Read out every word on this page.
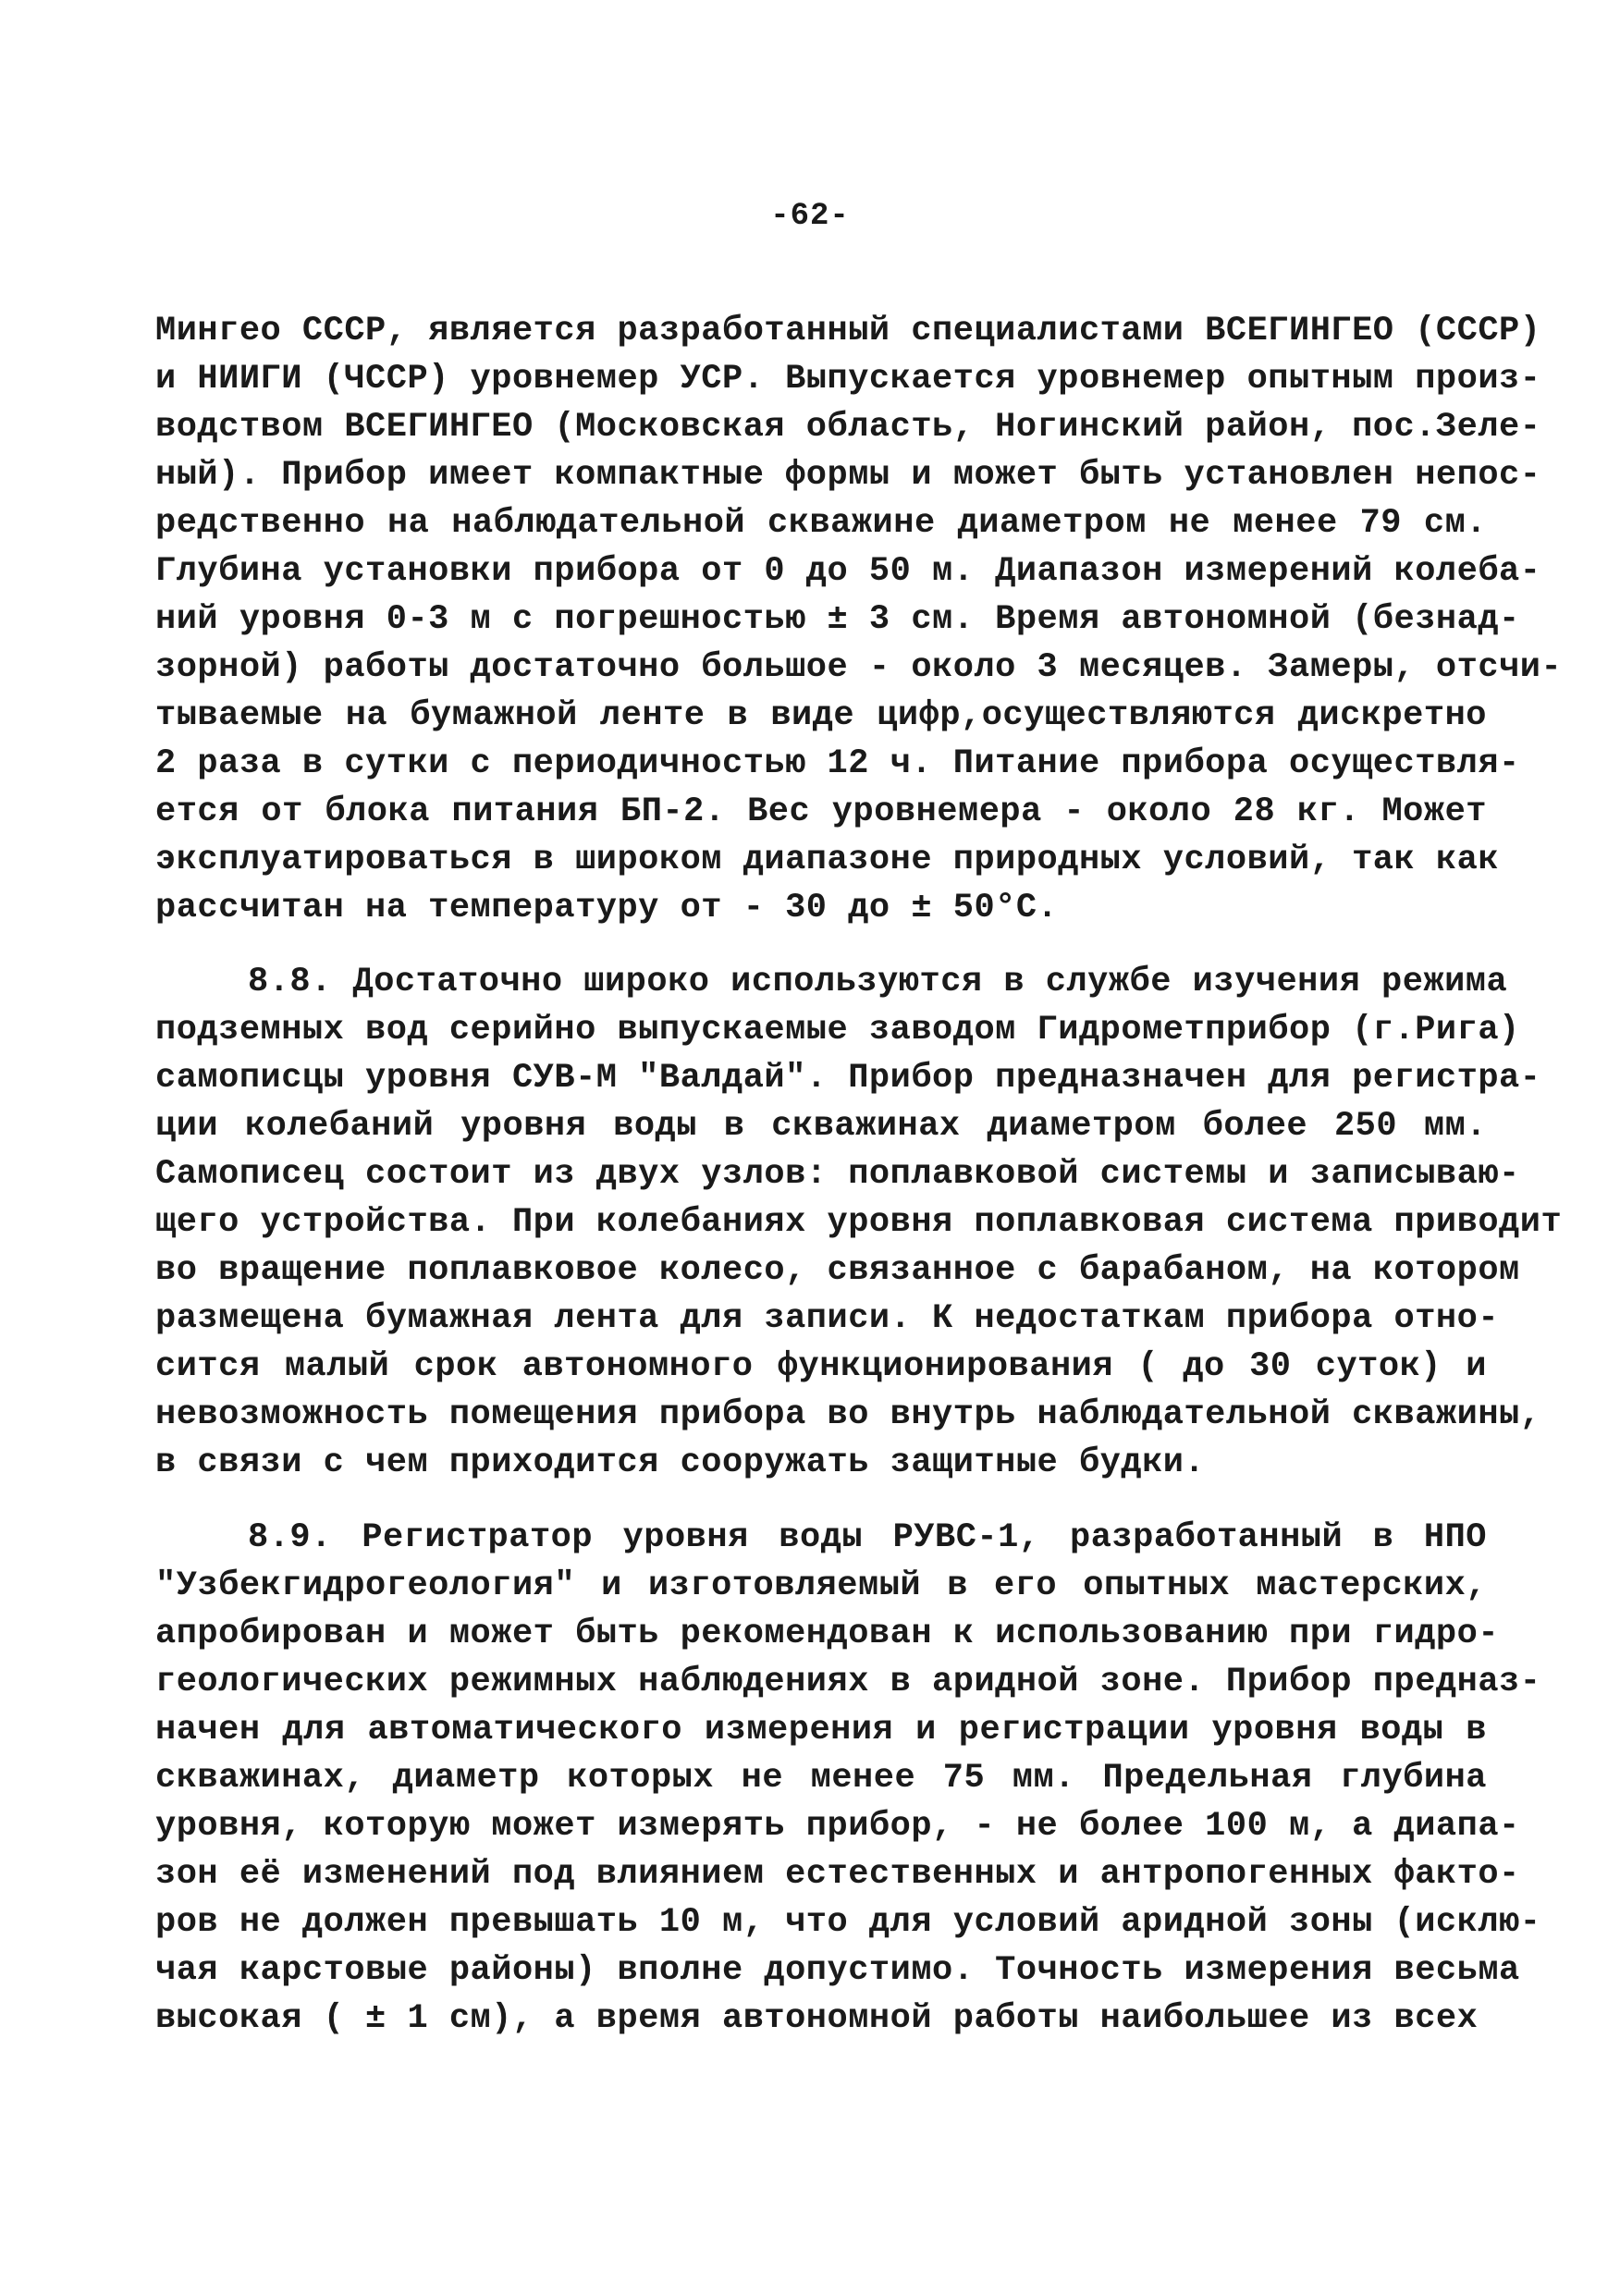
-62-
Мингео СССР, является разработанный специалистами ВСЕГИНГЕО (СССР)
и НИИГИ (ЧССР) уровнемер УСР. Выпускается уровнемер опытным произ-
водством ВСЕГИНГЕО (Московская область, Ногинский район, пос.Зеле-
ный). Прибор имеет компактные формы и может быть установлен непос-
редственно на наблюдательной скважине диаметром не менее 79 см.
Глубина установки прибора от 0 до 50 м. Диапазон измерений колеба-
ний уровня 0-3 м с погрешностью ± 3 см. Время автономной (безнад-
зорной) работы достаточно большое - около 3 месяцев. Замеры, отсчи-
тываемые на бумажной ленте в виде цифр,осуществляются дискретно
2 раза в сутки с периодичностью 12 ч. Питание прибора осуществля-
ется от блока питания БП-2. Вес уровнемера - около 28 кг. Может
эксплуатироваться в широком диапазоне природных условий, так как
рассчитан на температуру от - 30 до ± 50°С.
8.8. Достаточно широко используются в службе изучения режима
подземных вод серийно выпускаемые заводом Гидрометприбор (г.Рига)
самописцы уровня СУВ-М "Валдай". Прибор предназначен для регистра-
ции колебаний уровня воды в скважинах диаметром более 250 мм.
Самописец состоит из двух узлов: поплавковой системы и записываю-
щего устройства. При колебаниях уровня поплавковая система приводит
во вращение поплавковое колесо, связанное с барабаном, на котором
размещена бумажная лента для записи. К недостаткам прибора отно-
сится малый срок автономного функционирования ( до 30 суток) и
невозможность помещения прибора во внутрь наблюдательной скважины,
в связи с чем приходится сооружать защитные будки.
8.9. Регистратор уровня воды РУВС-1, разработанный в НПО
"Узбекгидрогеология" и изготовляемый в его опытных мастерских,
апробирован и может быть рекомендован к использованию при гидро-
геологических режимных наблюдениях в аридной зоне. Прибор предназ-
начен для автоматического измерения и регистрации уровня воды в
скважинах, диаметр которых не менее 75 мм. Предельная глубина
уровня, которую может измерять прибор, - не более 100 м, а диапа-
зон её изменений под влиянием естественных и антропогенных факто-
ров не должен превышать 10 м, что для условий аридной зоны (исклю-
чая карстовые районы) вполне допустимо. Точность измерения весьма
высокая ( ± 1 см), а время автономной работы наибольшее из всех
